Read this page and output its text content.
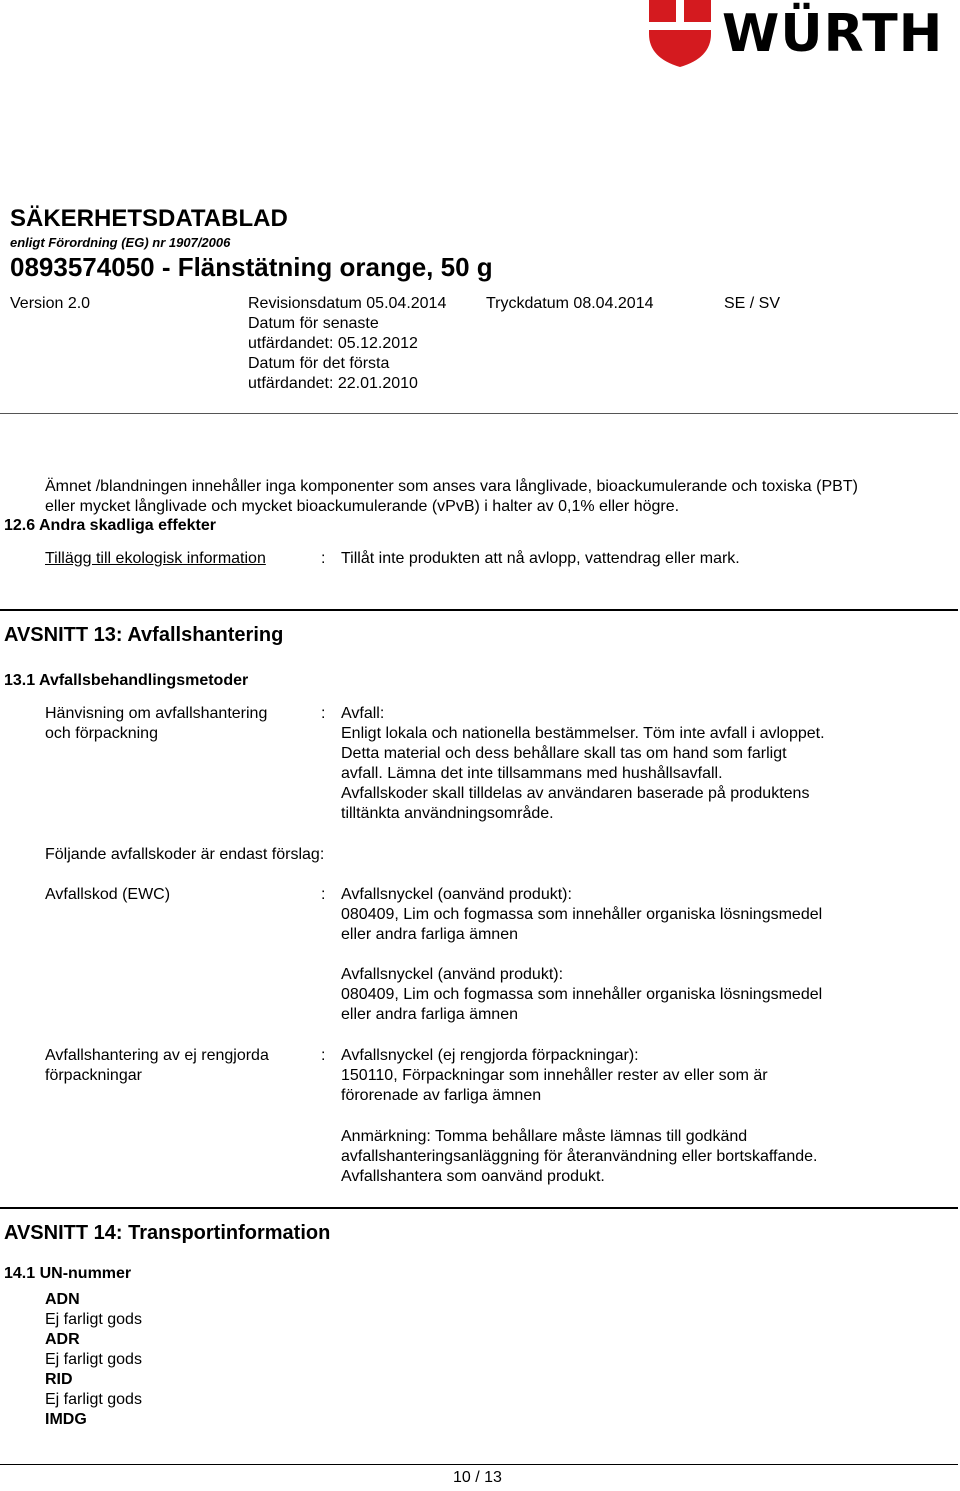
WÜRTH
SÄKERHETSDATABLAD
enligt Förordning (EG) nr 1907/2006
0893574050 - Flänstätning orange, 50 g
Version 2.0	Revisionsdatum 05.04.2014
Datum för senaste
utfärdandet: 05.12.2012
Datum för det första
utfärdandet: 22.01.2010
Tryckdatum 08.04.2014	SE / SV
Ämnet /blandningen innehåller inga komponenter som anses vara långlivade, bioackumulerande och toxiska (PBT)
eller mycket långlivade och mycket bioackumulerande (vPvB) i halter av 0,1% eller högre.
12.6 Andra skadliga effekter
Tillägg till ekologisk information	: Tillåt inte produkten att nå avlopp, vattendrag eller mark.
AVSNITT 13: Avfallshantering
13.1 Avfallsbehandlingsmetoder
Hänvisning om avfallshantering
och förpackning
: Avfall:
Enligt lokala och nationella bestämmelser. Töm inte avfall i avloppet.
Detta material och dess behållare skall tas om hand som farligt
avfall. Lämna det inte tillsammans med hushållsavfall.
Avfallskoder skall tilldelas av användaren baserade på produktens
tilltänkta användningsområde.
Följande avfallskoder är endast förslag:
Avfallskod (EWC)	: Avfallsnyckel (oanvänd produkt):
080409, Lim och fogmassa som innehåller organiska lösningsmedel
eller andra farliga ämnen
Avfallsnyckel (använd produkt):
080409, Lim och fogmassa som innehåller organiska lösningsmedel
eller andra farliga ämnen
Avfallshantering av ej rengjorda
förpackningar
: Avfallsnyckel (ej rengjorda förpackningar):
150110, Förpackningar som innehåller rester av eller som är
förorenade av farliga ämnen
Anmärkning: Tomma behållare måste lämnas till godkänd
avfallshanteringsanläggning för återanvändning eller bortskaffande.
Avfallshantera som oanvänd produkt.
AVSNITT 14: Transportinformation
14.1 UN-nummer
ADN
Ej farligt gods
ADR
Ej farligt gods
RID
Ej farligt gods
IMDG
10 / 13
